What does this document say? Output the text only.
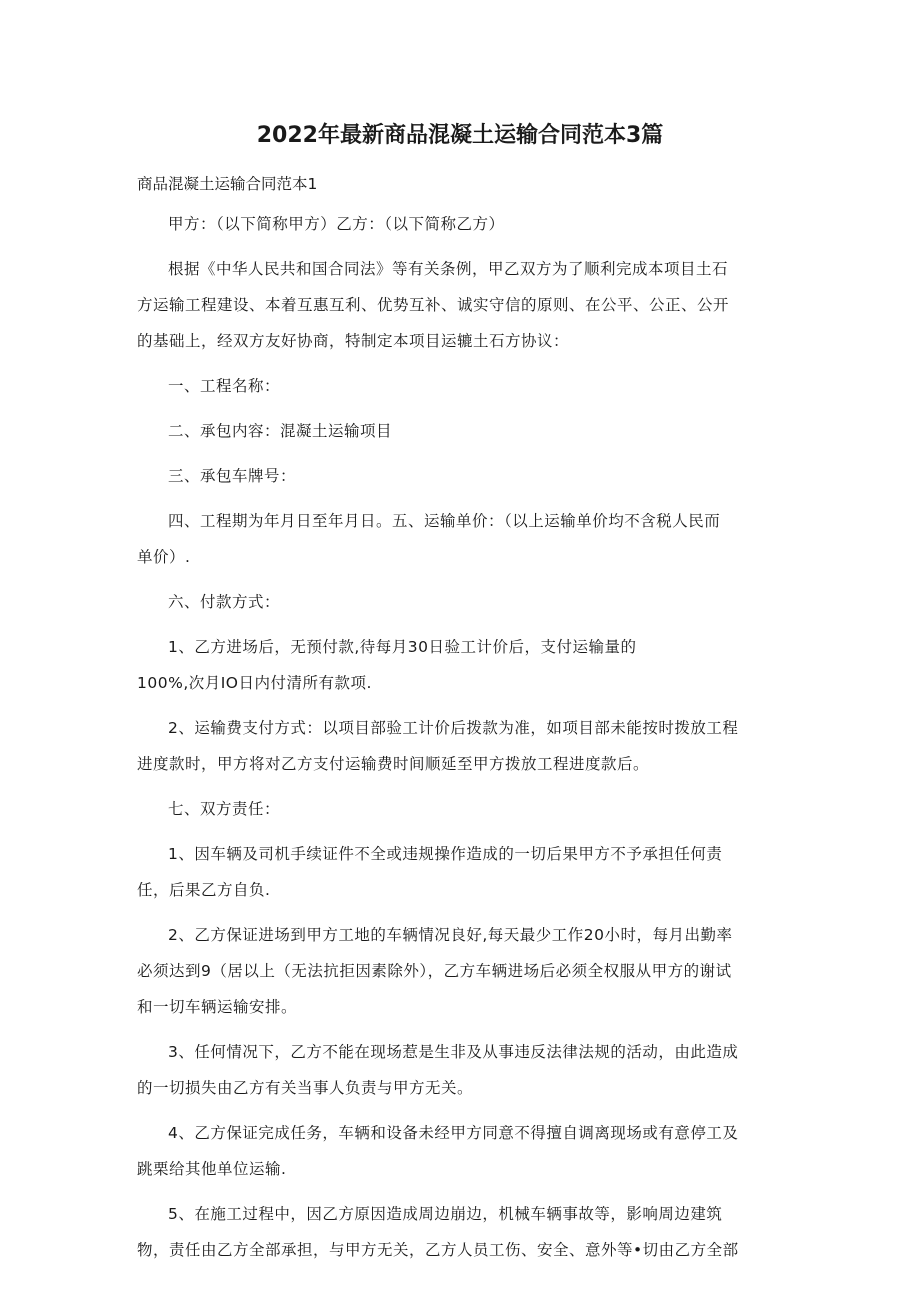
2022年最新商品混凝土运输合同范本3篇
商品混凝土运输合同范本1
甲方：（以下简称甲方）乙方：（以下简称乙方）
根据《中华人民共和国合同法》等有关条例，甲乙双方为了顺利完成本项目土石
方运输工程建设、本着互惠互利、优势互补、诚实守信的原则、在公平、公正、公开
的基础上，经双方友好协商，特制定本项目运辘土石方协议：
一、工程名称：
二、承包内容：混凝土运输项目
三、承包车牌号：
四、工程期为年月日至年月日。五、运输单价：（以上运输单价均不含税人民而
单价）.
六、付款方式：
1、乙方进场后，无预付款,待每月30日验工计价后，支付运输量的
100%,次月IO日内付清所有款项.
2、运输费支付方式：以项目部验工计价后拨款为准，如项目部未能按时拨放工程
进度款时，甲方将对乙方支付运输费时间顺延至甲方拨放工程进度款后。
七、双方责任：
1、因车辆及司机手续证件不全或违规操作造成的一切后果甲方不予承担任何责
任，后果乙方自负.
2、乙方保证进场到甲方工地的车辆情况良好,每天最少工作20小时，每月出勤率
必须达到9（居以上（无法抗拒因素除外），乙方车辆进场后必须全权服从甲方的谢试
和一切车辆运输安排。
3、任何情况下，乙方不能在现场惹是生非及从事违反法律法规的活动，由此造成
的一切损失由乙方有关当事人负责与甲方无关。
4、乙方保证完成任务，车辆和设备未经甲方同意不得擅自调离现场或有意停工及
跳栗给其他单位运输.
5、在施工过程中，因乙方原因造成周边崩边，机械车辆事故等，影响周边建筑
物，责任由乙方全部承担，与甲方无关，乙方人员工伤、安全、意外等•切由乙方全部
